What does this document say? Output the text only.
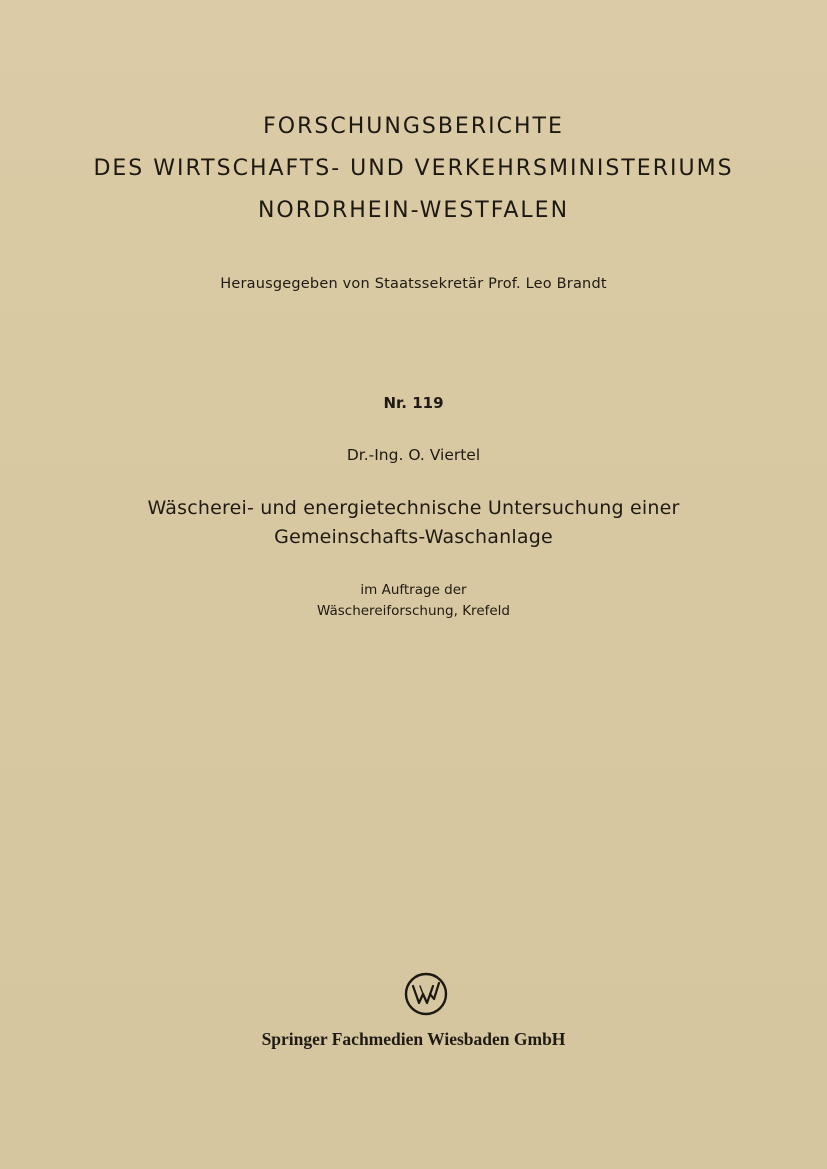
FORSCHUNGSBERICHTE
DES WIRTSCHAFTS- UND VERKEHRSMINISTERIUMS
NORDRHEIN-WESTFALEN
Herausgegeben von Staatssekretär Prof. Leo Brandt
Nr. 119
Dr.-Ing. O. Viertel
Wäscherei- und energietechnische Untersuchung einer
Gemeinschafts-Waschanlage
im Auftrage der
Wäschereiforschung, Krefeld
Springer Fachmedien Wiesbaden GmbH
